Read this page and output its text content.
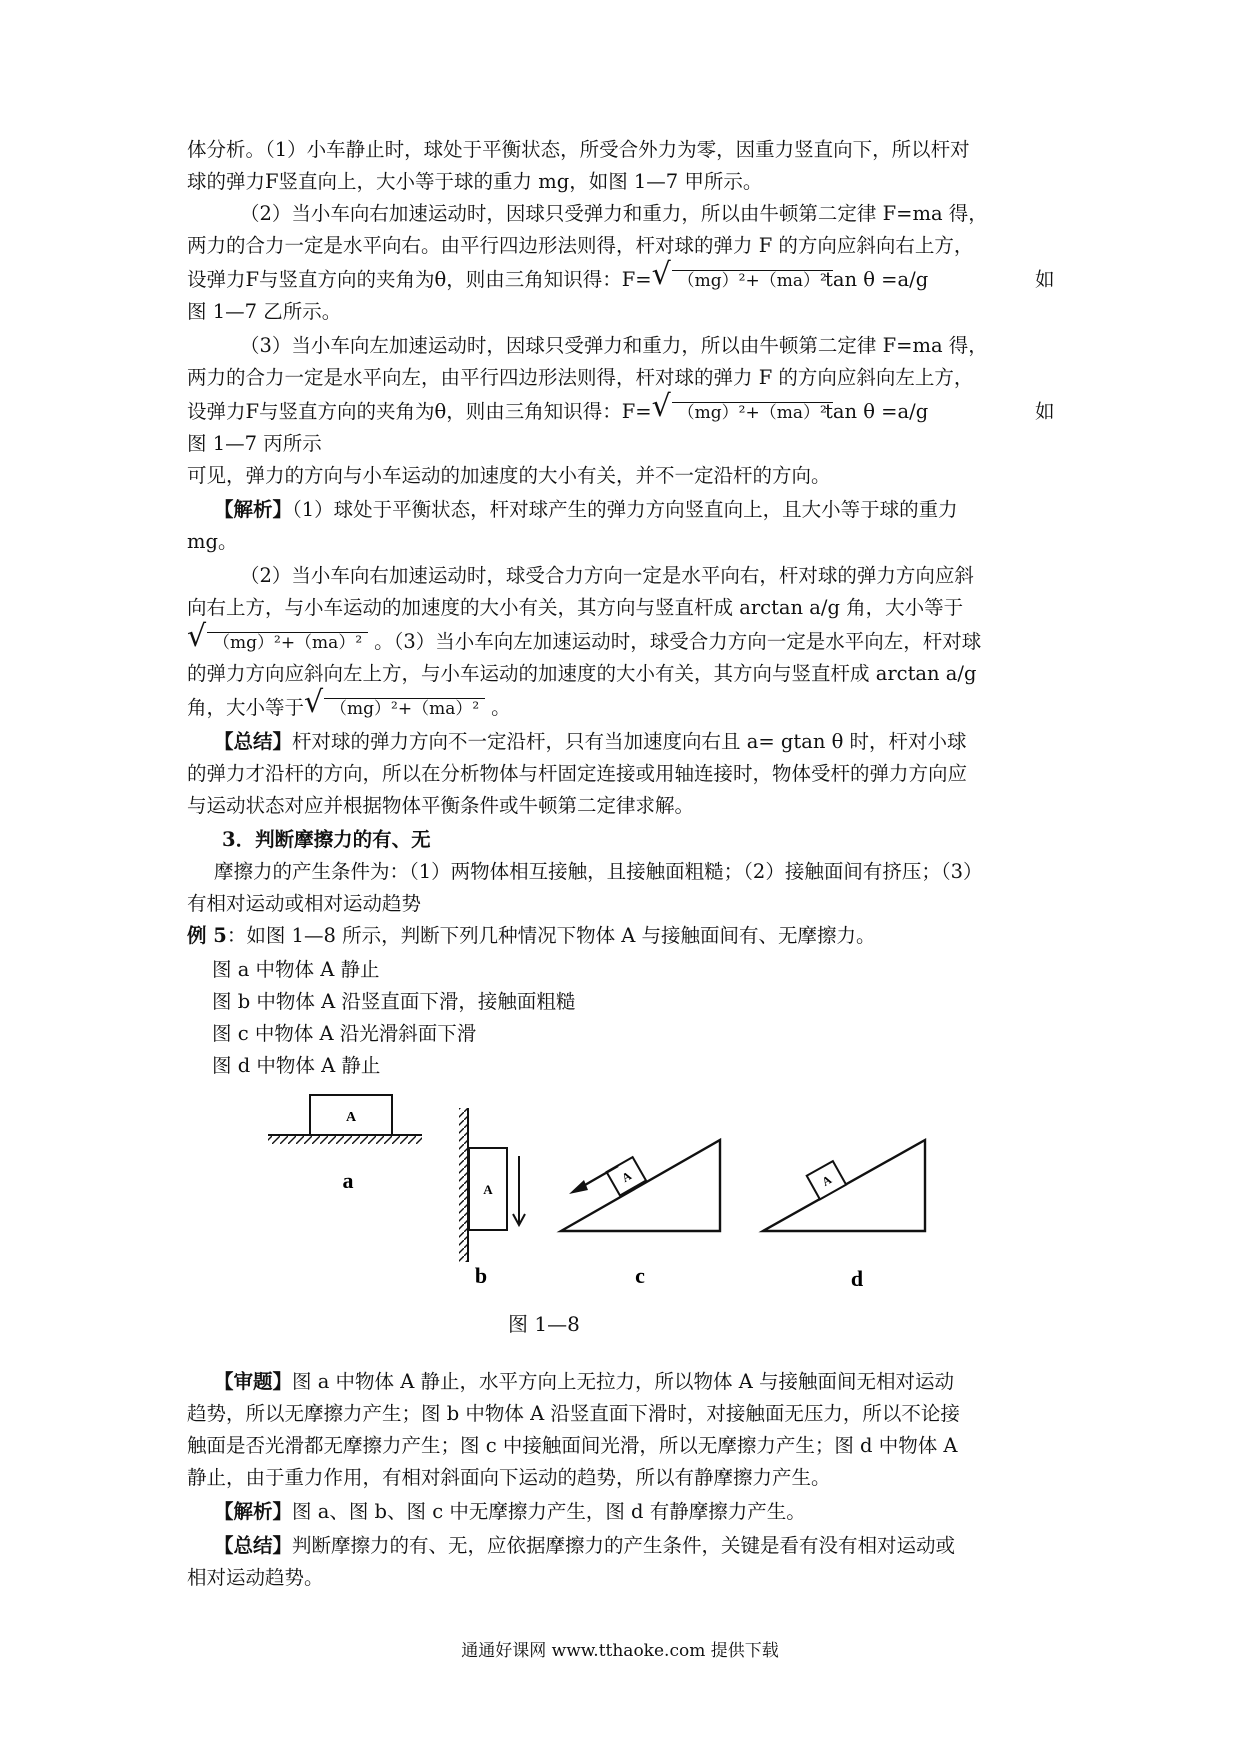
体分析。（1）小车静止时，球处于平衡状态，所受合外力为零，因重力竖直向下，所以杆对
球的弹力F竖直向上，大小等于球的重力 mg，如图 1—7 甲所示。
（2）当小车向右加速运动时，因球只受弹力和重力，所以由牛顿第二定律 F=ma 得，
两力的合力一定是水平向右。由平行四边形法则得，杆对球的弹力 F 的方向应斜向右上方，
设弹力F与竖直方向的夹角为θ，则由三角知识得：F= √ （mg）²+（ma）²
tan θ =a/g	如
图 1—7 乙所示。
（3）当小车向左加速运动时，因球只受弹力和重力，所以由牛顿第二定律 F=ma 得，
两力的合力一定是水平向左，由平行四边形法则得，杆对球的弹力 F 的方向应斜向左上方，
设弹力F与竖直方向的夹角为θ，则由三角知识得：F= √ （mg）²+（ma）²
tan θ =a/g	如
图 1—7 丙所示
可见，弹力的方向与小车运动的加速度的大小有关，并不一定沿杆的方向。
【解析】（1）球处于平衡状态，杆对球产生的弹力方向竖直向上，且大小等于球的重力
mg。
（2）当小车向右加速运动时，球受合力方向一定是水平向右，杆对球的弹力方向应斜
向右上方，与小车运动的加速度的大小有关，其方向与竖直杆成 arctan a/g 角，大小等于
√ （mg）²+（ma）² 。（3）当小车向左加速运动时，球受合力方向一定是水平向左，杆对球
的弹力方向应斜向左上方，与小车运动的加速度的大小有关，其方向与竖直杆成 arctan a/g
角，大小等于 √ （mg）²+（ma）² 。
【总结】杆对球的弹力方向不一定沿杆，只有当加速度向右且 a= gtan θ 时，杆对小球
的弹力才沿杆的方向，所以在分析物体与杆固定连接或用轴连接时，物体受杆的弹力方向应
与运动状态对应并根据物体平衡条件或牛顿第二定律求解。
3．判断摩擦力的有、无
摩擦力的产生条件为：（1）两物体相互接触，且接触面粗糙；（2）接触面间有挤压；（3）
有相对运动或相对运动趋势
例 5：如图 1—8 所示，判断下列几种情况下物体 A 与接触面间有、无摩擦力。
图 a 中物体 A 静止
图 b 中物体 A 沿竖直面下滑，接触面粗糙
图 c 中物体 A 沿光滑斜面下滑
图 d 中物体 A 静止
A
a	A
b
A
c
A
d
图 1—8
【审题】图 a 中物体 A 静止，水平方向上无拉力，所以物体 A 与接触面间无相对运动
趋势，所以无摩擦力产生；图 b 中物体 A 沿竖直面下滑时，对接触面无压力，所以不论接
触面是否光滑都无摩擦力产生；图 c 中接触面间光滑，所以无摩擦力产生；图 d 中物体 A
静止，由于重力作用，有相对斜面向下运动的趋势，所以有静摩擦力产生。
【解析】图 a、图 b、图 c 中无摩擦力产生，图 d 有静摩擦力产生。
【总结】判断摩擦力的有、无，应依据摩擦力的产生条件，关键是看有没有相对运动或
相对运动趋势。
通通好课网 www.tthaoke.com 提供下载
